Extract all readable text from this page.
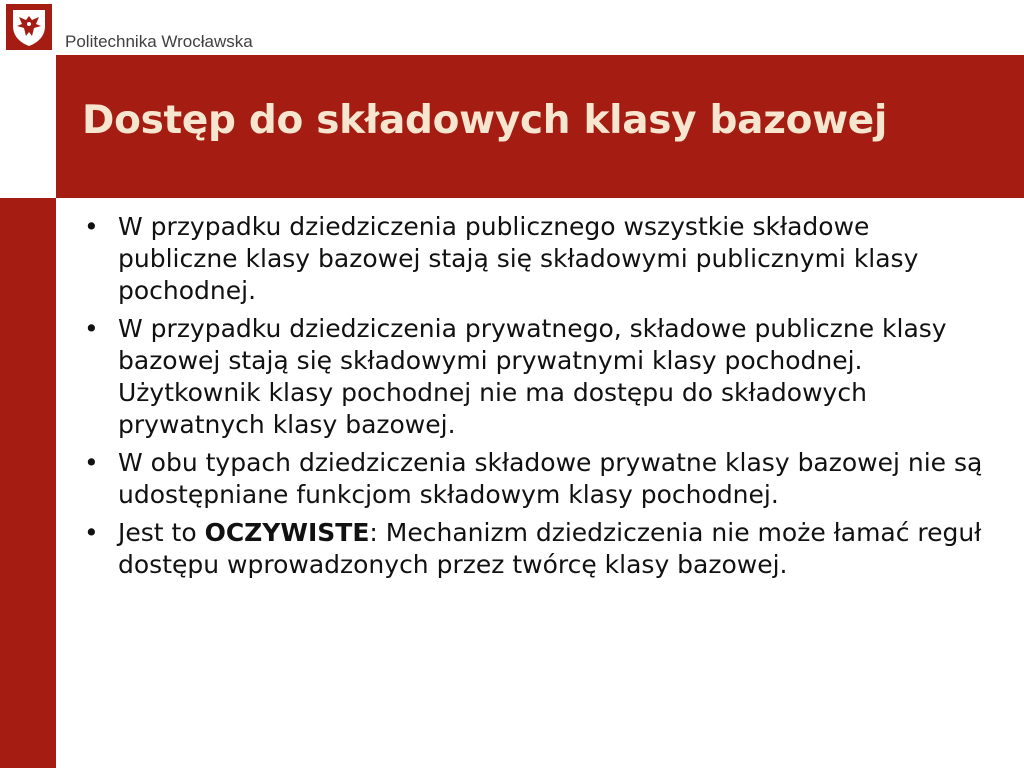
Politechnika Wrocławska
Dostęp do składowych klasy bazowej
• W przypadku dziedziczenia publicznego wszystkie składowe publiczne klasy bazowej stają się składowymi publicznymi klasy pochodnej.
• W przypadku dziedziczenia prywatnego, składowe publiczne klasy bazowej stają się składowymi prywatnymi klasy pochodnej. Użytkownik klasy pochodnej nie ma dostępu do składowych prywatnych klasy bazowej.
• W obu typach dziedziczenia składowe prywatne klasy bazowej nie są udostępniane funkcjom składowym klasy pochodnej.
• Jest to OCZYWISTE: Mechanizm dziedziczenia nie może łamać reguł dostępu wprowadzonych przez twórcę klasy bazowej.
